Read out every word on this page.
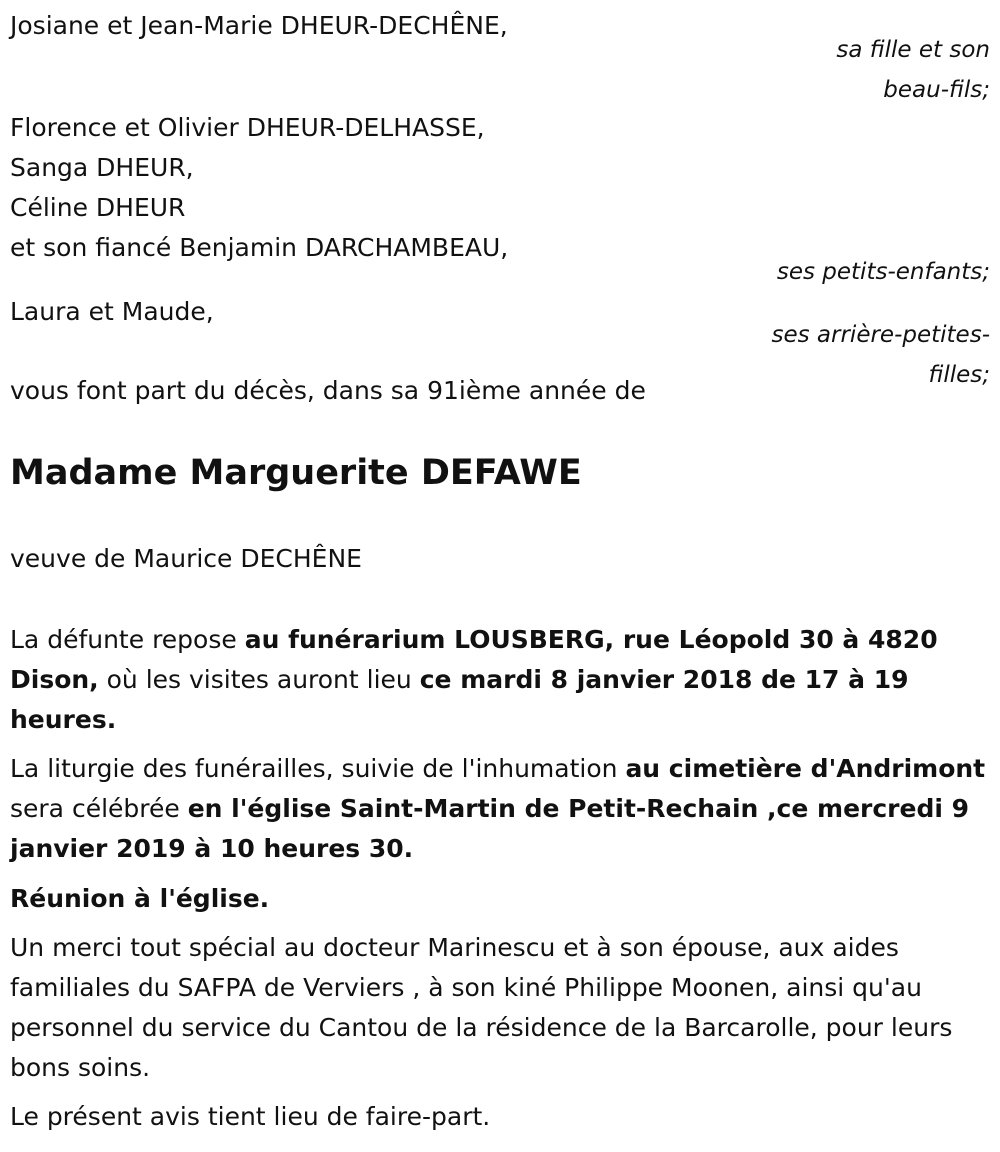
Josiane et Jean-Marie DHEUR-DECHÊNE,

sa fille et son
beau-fils;

Florence et Olivier DHEUR-DELHASSE,

Sanga DHEUR,

Céline DHEUR

et son fiancé Benjamin DARCHAMBEAU,

ses petits-enfants;

Laura et Maude,

ses arrière-petites-
filles;

vous font part du décès, dans sa 91ième année de

Madame Marguerite DEFAWE

veuve de Maurice DECHÊNE

La défunte repose au funérarium LOUSBERG, rue Léopold 30 à 4820 Dison, où les visites auront lieu ce mardi 8 janvier 2018 de 17 à 19 heures.

La liturgie des funérailles, suivie de l'inhumation au cimetière d'Andrimont sera célébrée en l'église Saint-Martin de Petit-Rechain ,ce mercredi 9 janvier 2019 à 10 heures 30.

Réunion à l'église.

Un merci tout spécial au docteur Marinescu et à son épouse, aux aides familiales du SAFPA de Verviers , à son kiné Philippe Moonen, ainsi qu'au personnel du service du Cantou de la résidence de la Barcarolle, pour leurs bons soins.

Le présent avis tient lieu de faire-part.
